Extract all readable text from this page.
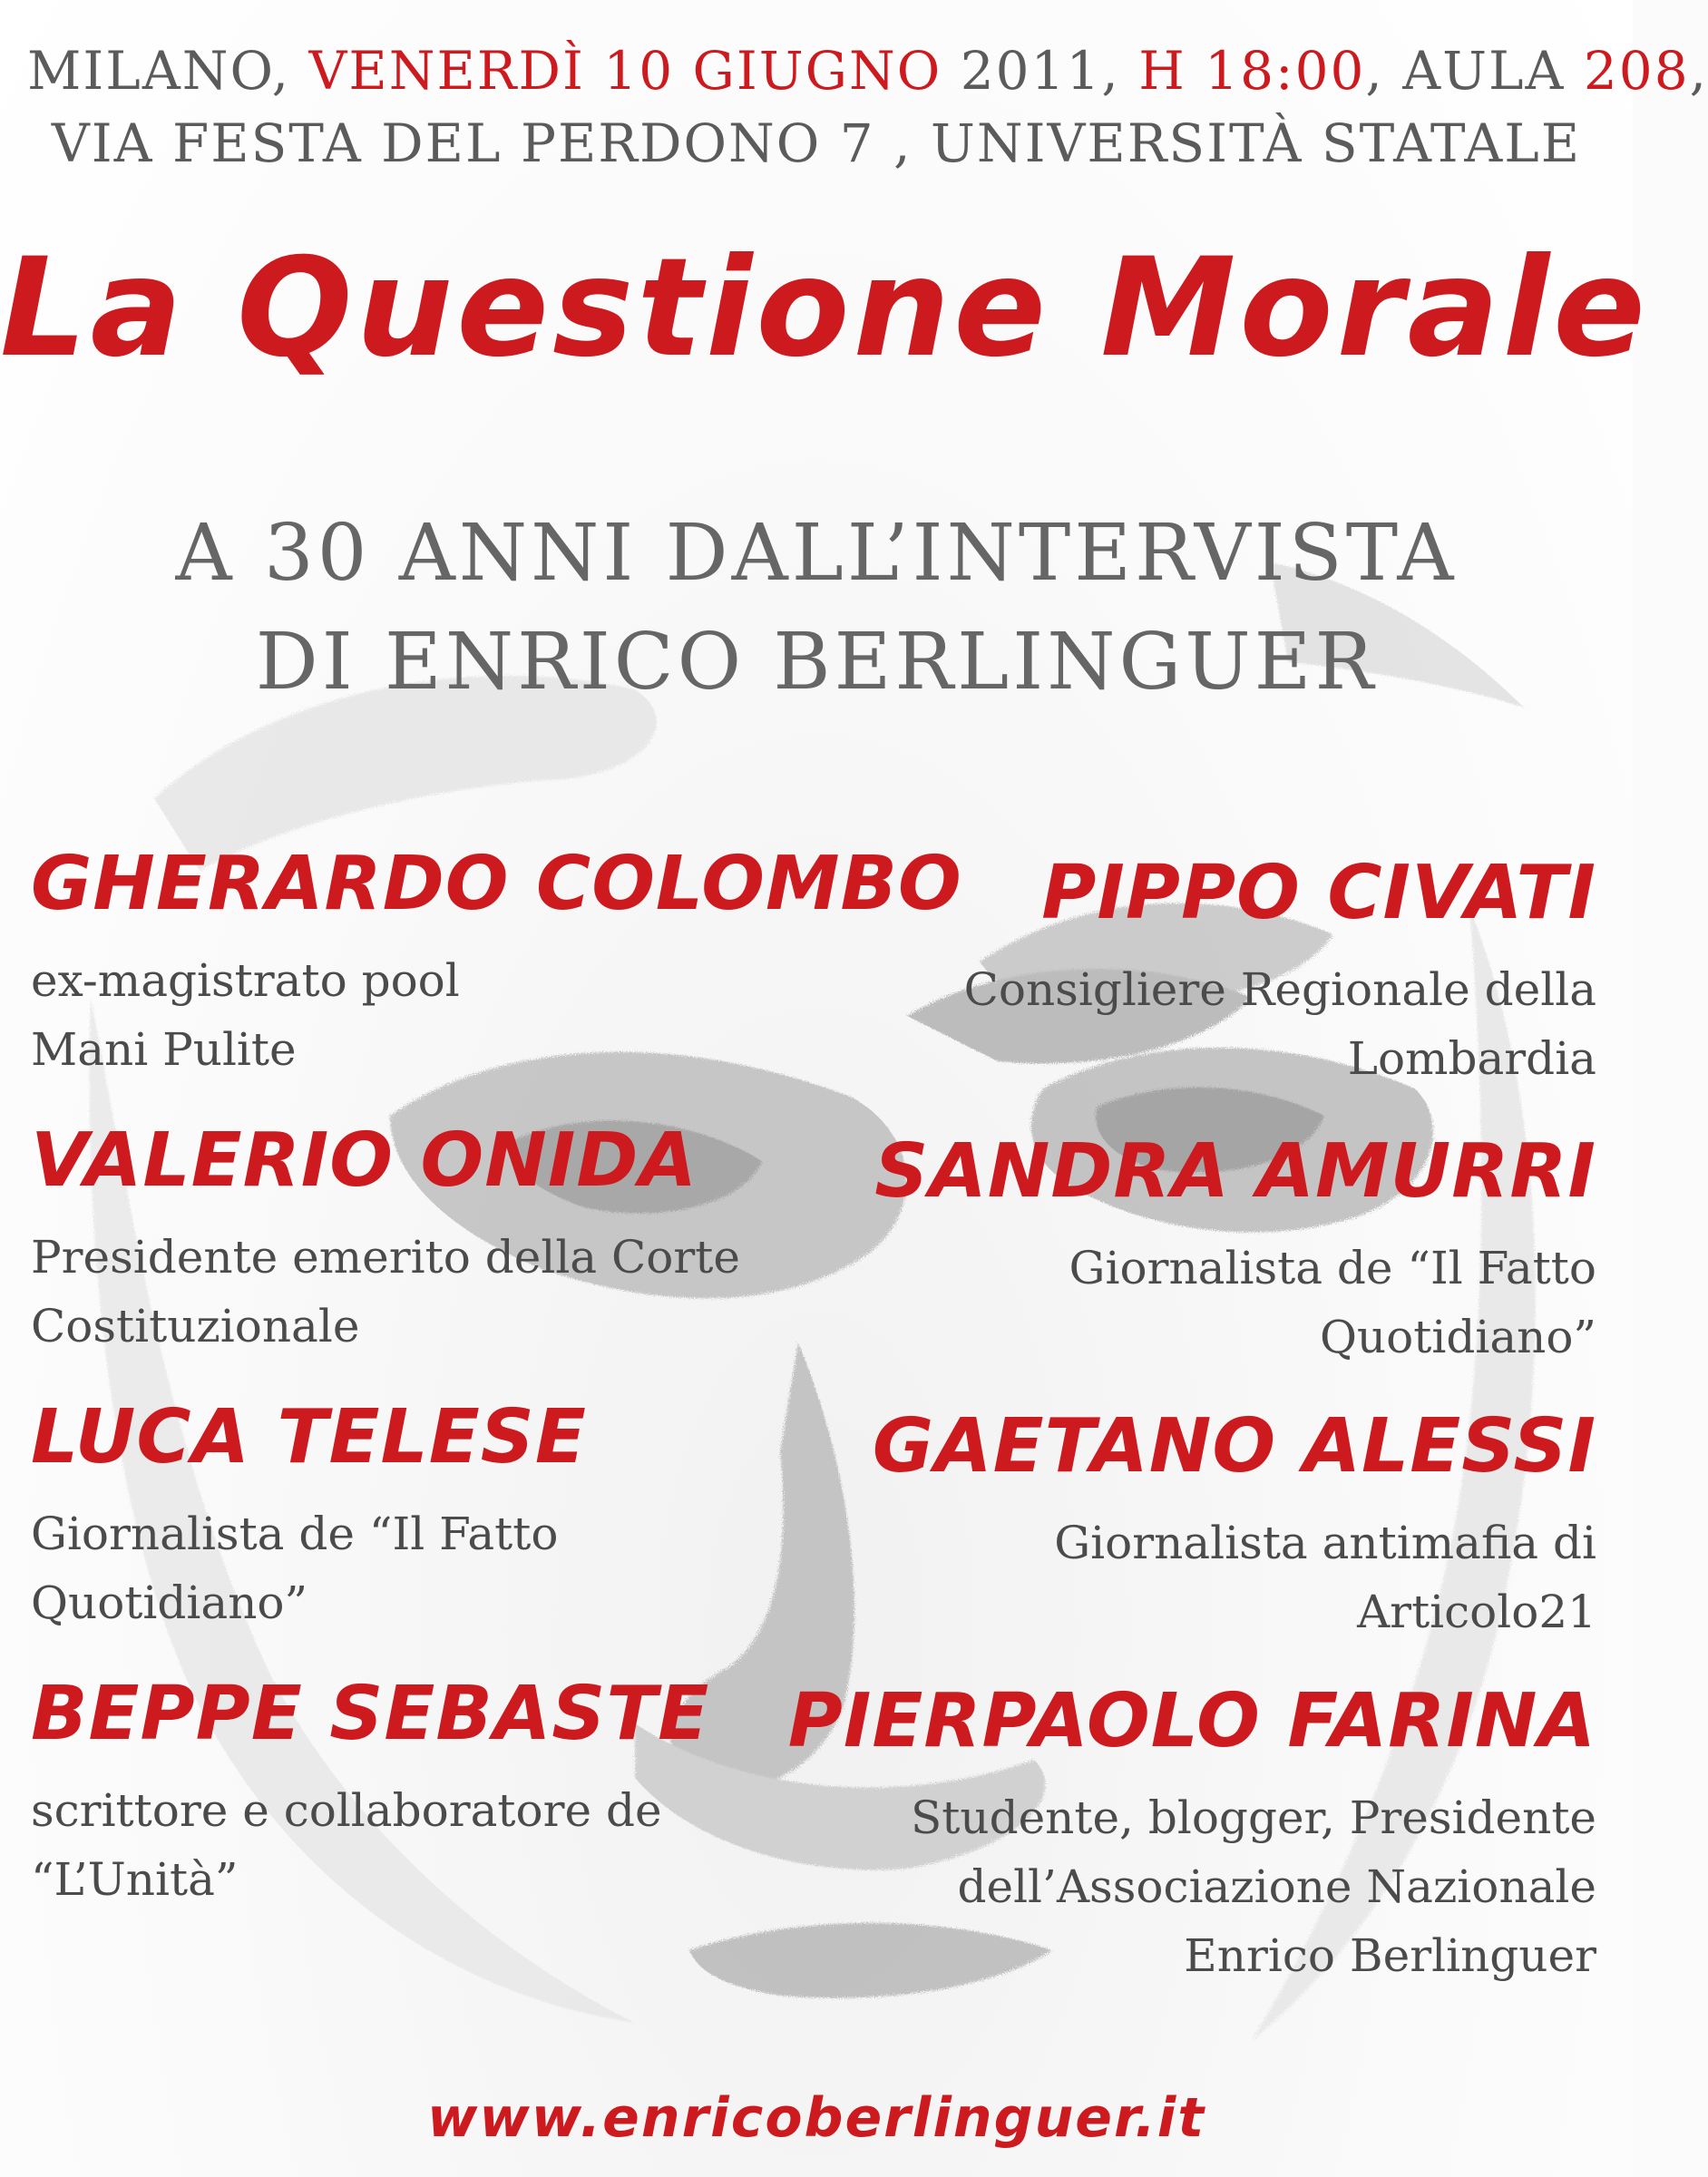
MILANO, VENERDÌ 10 GIUGNO 2011, H 18:00, AULA 208,
VIA FESTA DEL PERDONO 7 , UNIVERSITÀ STATALE
La Questione Morale
A 30 ANNI DALL’INTERVISTA
DI ENRICO BERLINGUER
GHERARDO COLOMBO
ex-magistrato pool
Mani Pulite
VALERIO ONIDA
Presidente emerito della Corte
Costituzionale
LUCA TELESE
Giornalista de “Il Fatto
Quotidiano”
BEPPE SEBASTE
scrittore e collaboratore de
“L’Unità”
PIPPO CIVATI
Consigliere Regionale della
Lombardia
SANDRA AMURRI
Giornalista de “Il Fatto
Quotidiano”
GAETANO ALESSI
Giornalista antimafia di
Articolo21
PIERPAOLO FARINA
Studente, blogger, Presidente
dell’Associazione Nazionale
Enrico Berlinguer
www.enricoberlinguer.it
